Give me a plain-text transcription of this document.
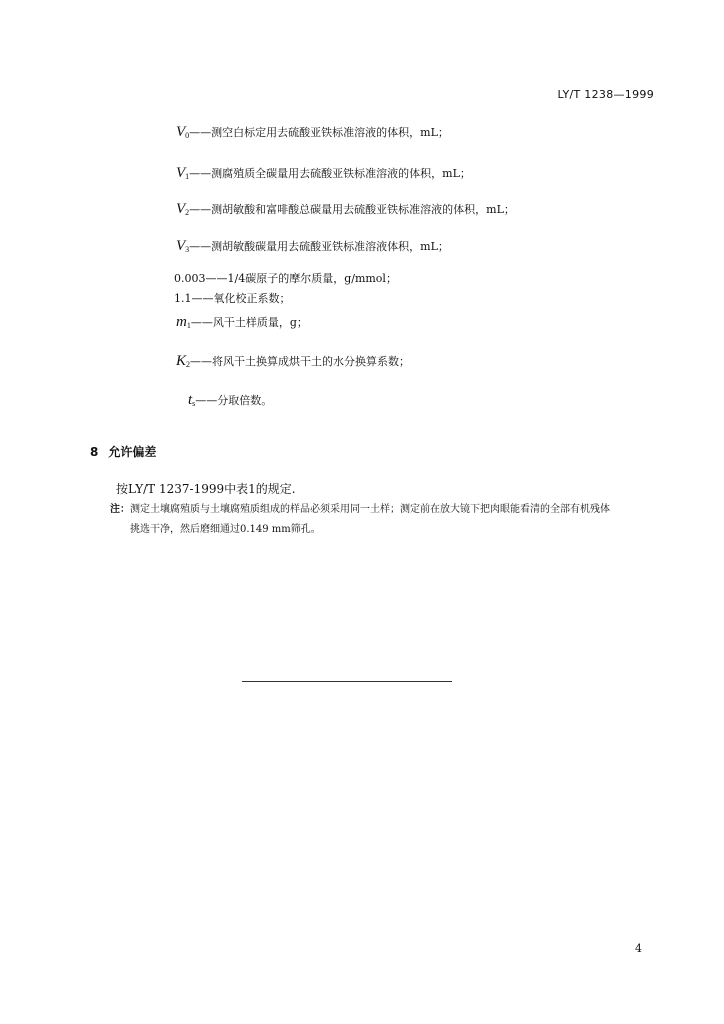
LY/T 1238—1999
$V_0——$测空白标定用去硫酸亚铁标准溶液的体积，mL；
$V_1——$测腐殖质全碳量用去硫酸亚铁标准溶液的体积，mL；
$V_2——$测胡敏酸和富啡酸总碳量用去硫酸亚铁标准溶液的体积，mL；
$V_3——$测胡敏酸碳量用去硫酸亚铁标准溶液体积，mL；
0.003——1/4碳原子的摩尔质量，g/mmol；
1.1——氧化校正系数；
$m_1——$风干土样质量，g；
$K_2——$将风干土换算成烘干土的水分换算系数；
$t_s——$分取倍数。
8 允许偏差
按LY/T 1237-1999中表1的规定.
注：测定土壤腐殖质与土壤腐殖质组成的样品必须采用同一土样；测定前在放大镜下把肉眼能看清的全部有机残体
挑选干净，然后磨细通过0.149 mm筛孔。
4
